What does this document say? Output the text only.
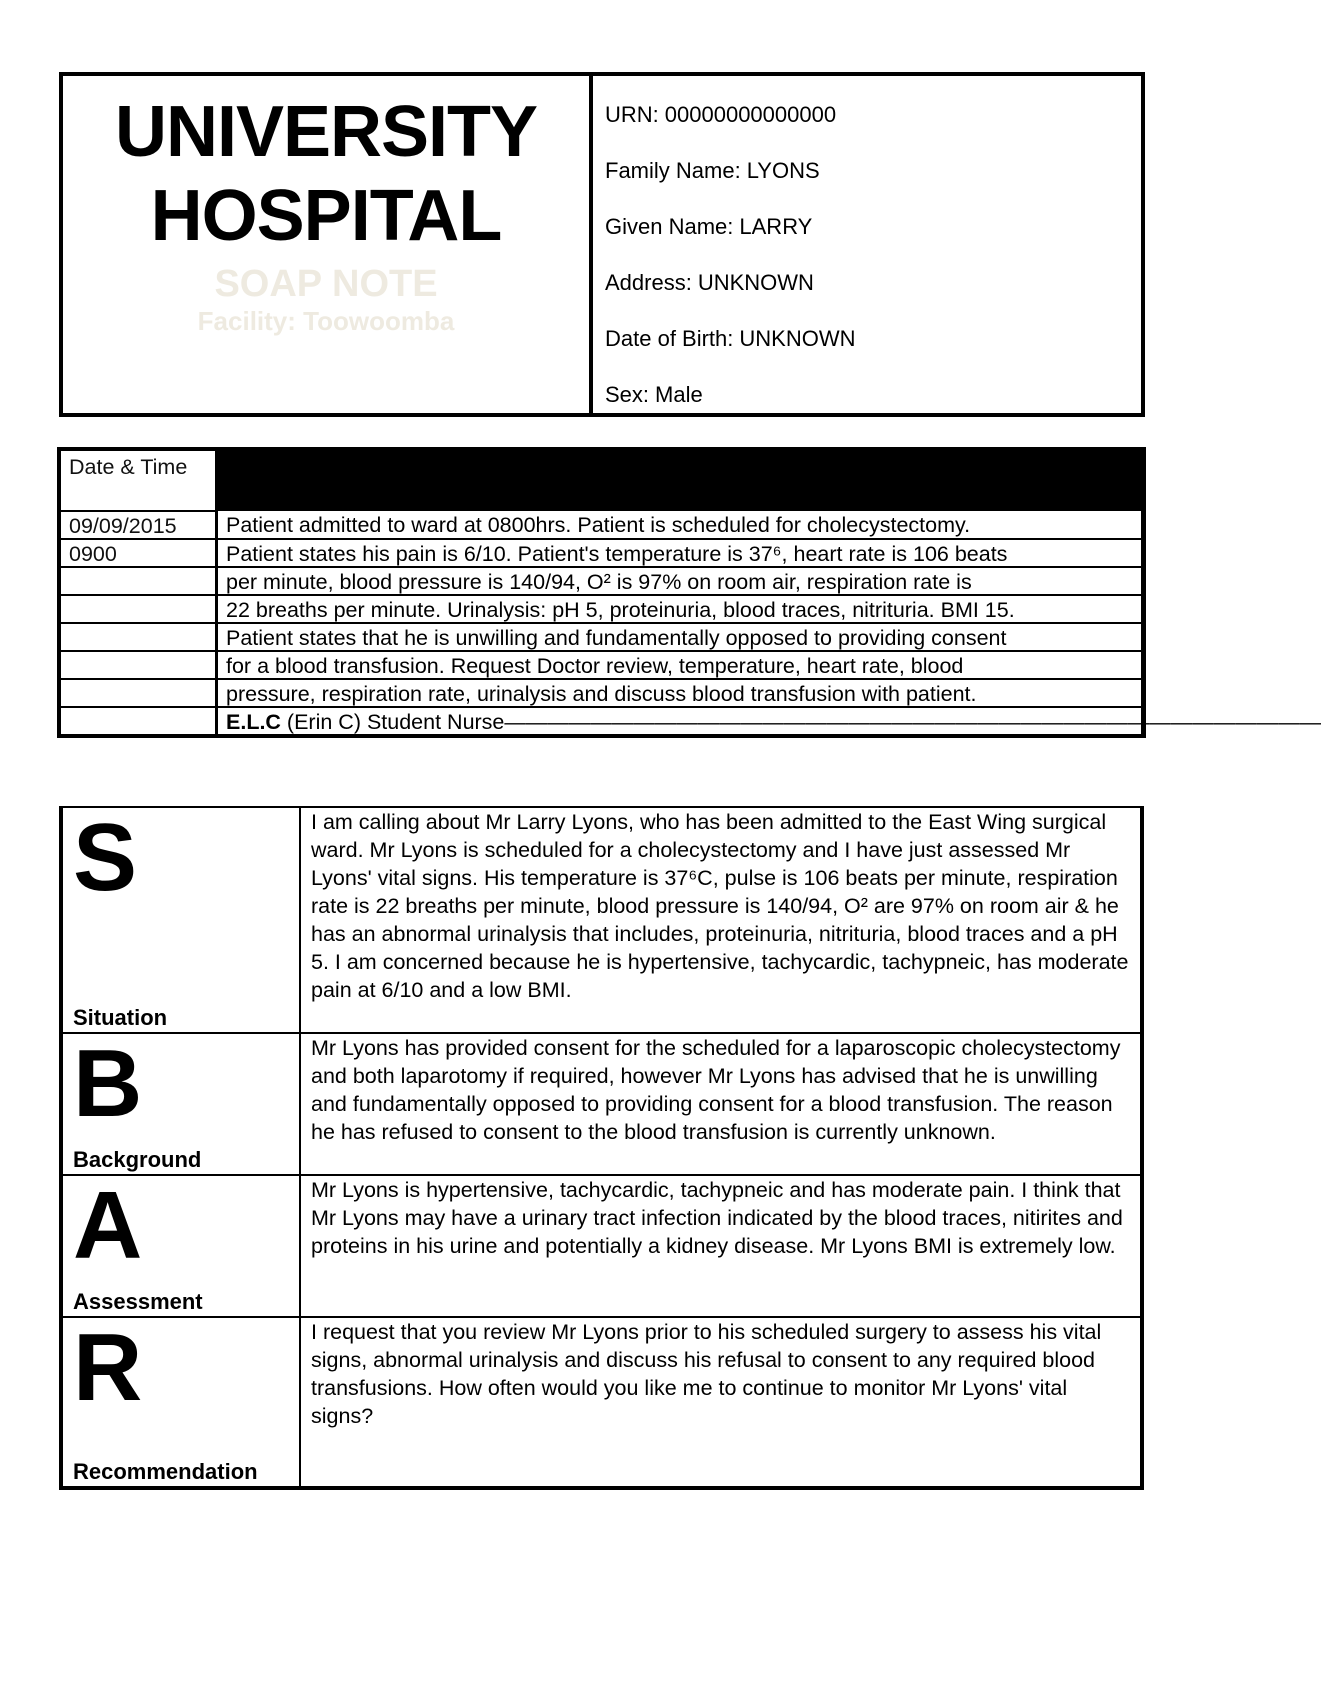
UNIVERSITY
HOSPITAL
SOAP NOTE
Facility: Toowoomba
URN: 00000000000000
Family Name: LYONS
Given Name: LARRY
Address: UNKNOWN
Date of Birth: UNKNOWN
Sex: Male
Date & Time	
09/09/2015	Patient admitted to ward at 0800hrs. Patient is scheduled for cholecystectomy.
0900	Patient states his pain is 6/10. Patient's temperature is 37⁶, heart rate is 106 beats
	per minute, blood pressure is 140/94, O² is 97% on room air, respiration rate is
	22 breaths per minute. Urinalysis: pH 5, proteinuria, blood traces, nitrituria. BMI 15.
	Patient states that he is unwilling and fundamentally opposed to providing consent
	for a blood transfusion. Request Doctor review, temperature, heart rate, blood
	pressure, respiration rate, urinalysis and discuss blood transfusion with patient.
	E.L.C (Erin C) Student Nurse——————————————————————————————————————
S
Situation	I am calling about Mr Larry Lyons, who has been admitted to the East Wing surgical ward. Mr Lyons is scheduled for a cholecystectomy and I have just assessed Mr Lyons' vital signs. His temperature is 37⁶C, pulse is 106 beats per minute, respiration rate is 22 breaths per minute, blood pressure is 140/94, O² are 97% on room air & he has an abnormal urinalysis that includes, proteinuria, nitrituria, blood traces and a pH 5. I am concerned because he is hypertensive, tachycardic, tachypneic, has moderate pain at 6/10 and a low BMI.

B
Background	Mr Lyons has provided consent for the scheduled for a laparoscopic cholecystectomy and both laparotomy if required, however Mr Lyons has advised that he is unwilling and fundamentally opposed to providing consent for a blood transfusion. The reason he has refused to consent to the blood transfusion is currently unknown.

A
Assessment	Mr Lyons is hypertensive, tachycardic, tachypneic and has moderate pain. I think that Mr Lyons may have a urinary tract infection indicated by the blood traces, nitirites and proteins in his urine and potentially a kidney disease. Mr Lyons BMI is extremely low.

R
Recommendation	I request that you review Mr Lyons prior to his scheduled surgery to assess his vital signs, abnormal urinalysis and discuss his refusal to consent to any required blood transfusions. How often would you like me to continue to monitor Mr Lyons' vital signs?
